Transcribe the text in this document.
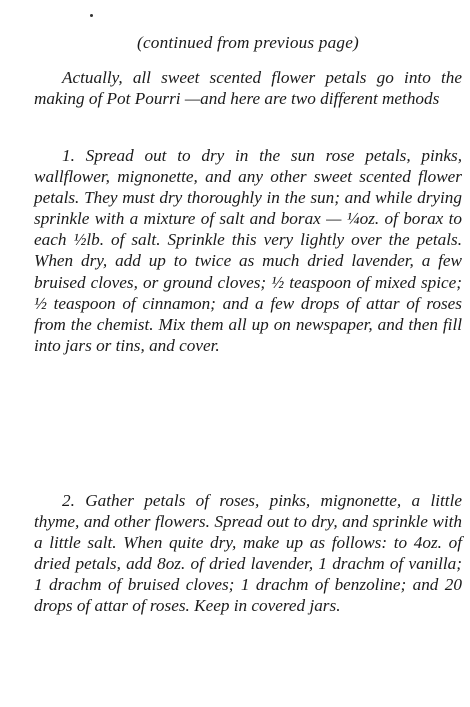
(continued from previous page)

Actually, all sweet scented flower petals go into the making of Pot Pourri —and here are two different methods

1. Spread out to dry in the sun rose petals, pinks, wallflower, mignonette, and any other sweet scented flower petals. They must dry thoroughly in the sun; and while drying sprinkle with a mixture of salt and borax — ¼oz. of borax to each ½lb. of salt. Sprinkle this very lightly over the petals. When dry, add up to twice as much dried lavender, a few bruised cloves, or ground cloves; ½ teaspoon of mixed spice; ½ teaspoon of cinnamon; and a few drops of attar of roses from the chemist. Mix them all up on newspaper, and then fill into jars or tins, and cover.

2. Gather petals of roses, pinks, mignonette, a little thyme, and other flowers. Spread out to dry, and sprinkle with a little salt. When quite dry, make up as follows: to 4oz. of dried petals, add 8oz. of dried lavender, 1 drachm of vanilla; 1 drachm of bruised cloves; 1 drachm of benzoline; and 20 drops of attar of roses. Keep in covered jars.
